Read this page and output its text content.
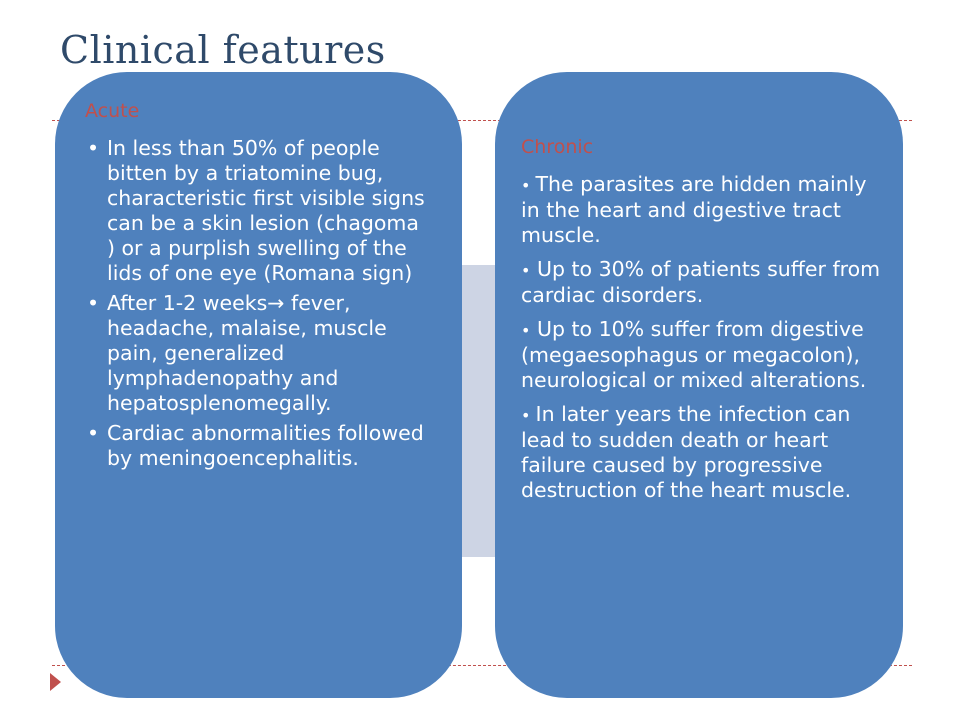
Clinical features
Acute
• In less than 50% of people bitten by a triatomine bug, characteristic first visible signs can be a skin lesion (chagoma ) or a purplish swelling of the lids of one eye (Romana sign)
• After 1-2 weeks→ fever, headache, malaise, muscle pain, generalized lymphadenopathy and hepatosplenomegally.
• Cardiac abnormalities followed by meningoencephalitis.
Chronic
• The parasites are hidden mainly in the heart and digestive tract muscle.
• Up to 30% of patients suffer from cardiac disorders.
• Up to 10% suffer from digestive (megaesophagus or megacolon), neurological or mixed alterations.
• In later years the infection can lead to sudden death or heart failure caused by progressive destruction of the heart muscle.
